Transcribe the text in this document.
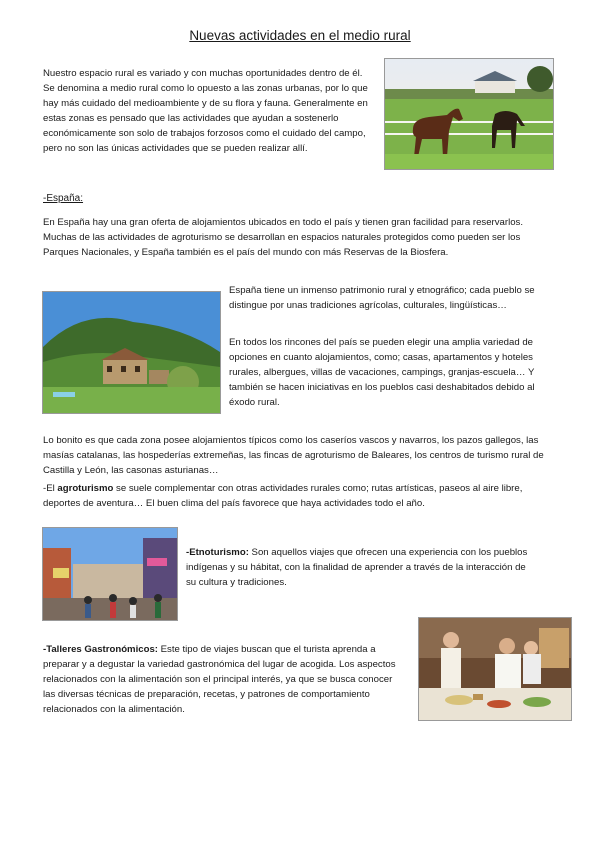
Nuevas actividades en el medio rural

Nuestro espacio rural es variado y con muchas oportunidades dentro de él. Se denomina a medio rural como lo opuesto a las zonas urbanas, por lo que hay más cuidado del medioambiente y de su flora y fauna. Generalmente en estas zonas es pensado que las actividades que ayudan a sostenerlo económicamente son solo de trabajos forzosos como el cuidado del campo, pero no son las únicas actividades que se pueden realizar allí.

-España:

En España hay una gran oferta de alojamientos ubicados en todo el país y tienen gran facilidad para reservarlos. Muchas de las actividades de agroturismo se desarrollan en espacios naturales protegidos como pueden ser los Parques Nacionales, y España también es el país del mundo con más Reservas de la Biosfera.

España tiene un inmenso patrimonio rural y etnográfico; cada pueblo se distingue por unas tradiciones agrícolas, culturales, lingüísticas…

En todos los rincones del país se pueden elegir una amplia variedad de opciones en cuanto alojamientos, como; casas, apartamentos y hoteles rurales, albergues, villas de vacaciones, campings, granjas-escuela… Y también se hacen iniciativas en los pueblos casi deshabitados debido al éxodo rural.

Lo bonito es que cada zona posee alojamientos típicos como los caseríos vascos y navarros, los pazos gallegos, las masías catalanas, las hospederías extremeñas, las fincas de agroturismo de Baleares, los centros de turismo rural de Castilla y León, las casonas asturianas…

-El agroturismo se suele complementar con otras actividades rurales como; rutas artísticas, paseos al aire libre, deportes de aventura… El buen clima del país favorece que haya actividades todo el año.

-Etnoturismo: Son aquellos viajes que ofrecen una experiencia con los pueblos indígenas y su hábitat, con la finalidad de aprender a través de la interacción de su cultura y tradiciones.

-Talleres Gastronómicos: Este tipo de viajes buscan que el turista aprenda a preparar y a degustar la variedad gastronómica del lugar de acogida. Los aspectos relacionados con la alimentación son el principal interés, ya que se busca conocer las diversas técnicas de preparación, recetas, y patrones de comportamiento relacionados con la alimentación.
